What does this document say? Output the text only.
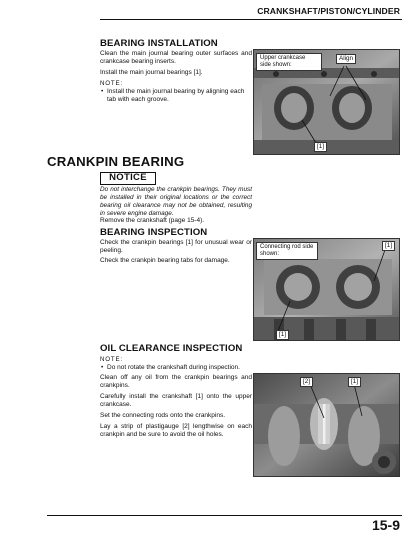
CRANKSHAFT/PISTON/CYLINDER
BEARING INSTALLATION
Clean the main journal bearing outer surfaces and crankcase bearing inserts.
Install the main journal bearings [1].
NOTE:
• Install the main journal bearing by aligning each tab with each groove.
Upper crankcase side shown:
Align
[1]
CRANKPIN BEARING
NOTICE
Do not interchange the crankpin bearings. They must be installed in their original locations or the correct bearing oil clearance may not be obtained, resulting in severe engine damage.
Remove the crankshaft (page 15-4).
BEARING INSPECTION
Check the crankpin bearings [1] for unusual wear or peeling.
Check the crankpin bearing tabs for damage.
Connecting rod side shown:
[1]
[1]
OIL CLEARANCE INSPECTION
NOTE:
• Do not rotate the crankshaft during inspection.
Clean off any oil from the crankpin bearings and crankpins.
Carefully install the crankshaft [1] onto the upper crankcase.
Set the connecting rods onto the crankpins.
Lay a strip of plastigauge [2] lengthwise on each crankpin and be sure to avoid the oil holes.
[2]	[1]
15-9
